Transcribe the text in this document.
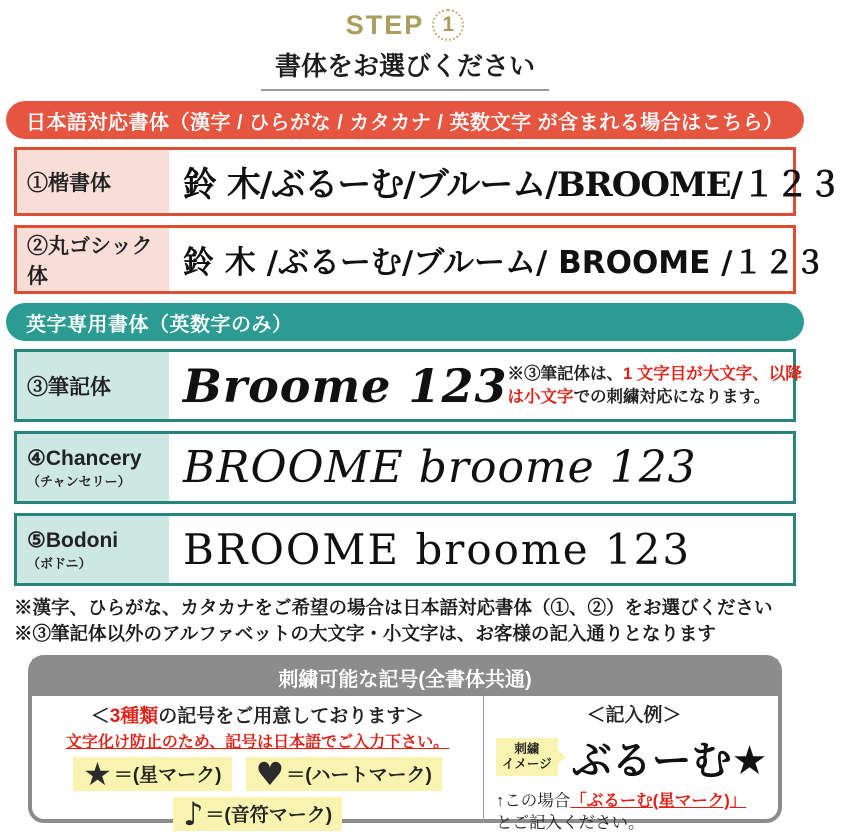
STEP 1
書体をお選びください
日本語対応書体（漢字 / ひらがな / カタカナ / 英数文字 が含まれる場合はこちら）
①楷書体	鈴 木/ぶるーむ/ブルーム/BROOME/１２３
②丸ゴシック体	鈴 木 /ぶるーむ/ブルーム/ BROOME /１２３
英字専用書体（英数字のみ）
③筆記体	Broome 123 ※③筆記体は、1 文字目が大文字、以降
は小文字での刺繍対応になります。
④Chancery
（チャンセリー）	BROOME broome 123
⑤Bodoni
（ボドニ）	BROOME broome 123
※漢字、ひらがな、カタカナをご希望の場合は日本語対応書体（①、②）をお選びください
※③筆記体以外のアルファベットの大文字・小文字は、お客様の記入通りとなります
刺繍可能な記号(全書体共通)
＜3種類の記号をご用意しております＞
文字化け防止のため、記号は日本語でご入力下さい。
★ ＝(星マーク) ♥ ＝(ハートマーク)
♪ ＝(音符マーク)
＜記入例＞
刺繍
イメージ ぶるーむ★
↑この場合「ぶるーむ(星マーク)」
とご記入ください。
